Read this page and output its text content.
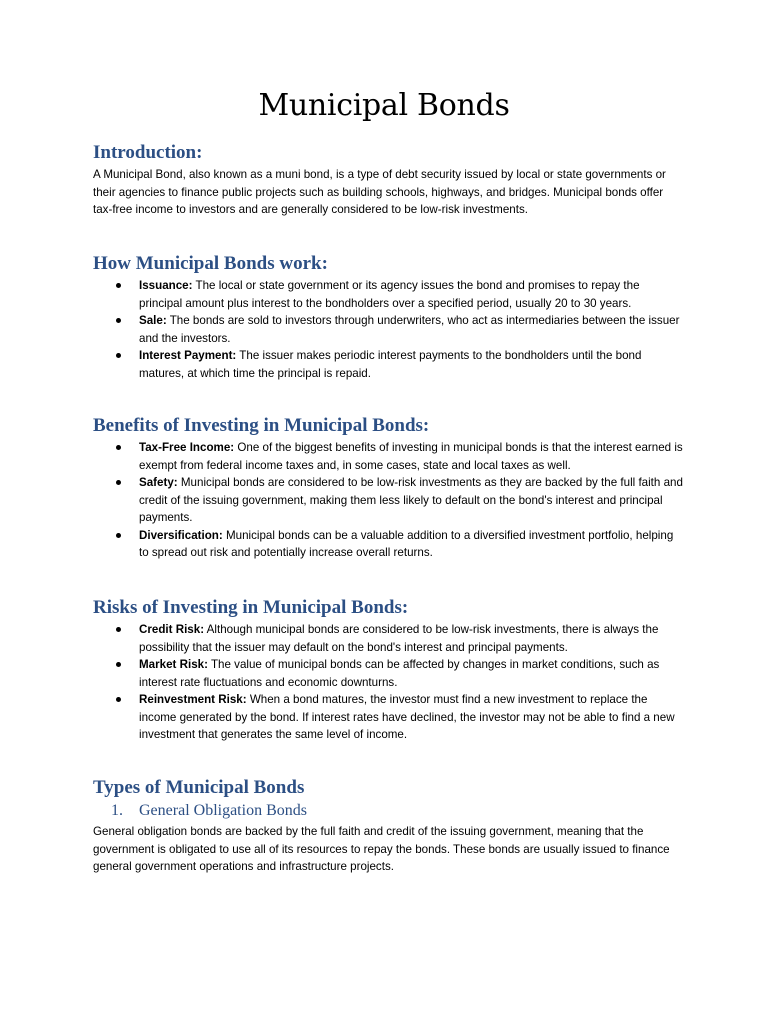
Municipal Bonds
Introduction:

A Municipal Bond, also known as a muni bond, is a type of debt security issued by local or state governments or their agencies to finance public projects such as building schools, highways, and bridges. Municipal bonds offer tax-free income to investors and are generally considered to be low-risk investments.

How Municipal Bonds work:
Issuance: The local or state government or its agency issues the bond and promises to repay the principal amount plus interest to the bondholders over a specified period, usually 20 to 30 years.
Sale: The bonds are sold to investors through underwriters, who act as intermediaries between the issuer and the investors.
Interest Payment: The issuer makes periodic interest payments to the bondholders until the bond matures, at which time the principal is repaid.
Benefits of Investing in Municipal Bonds:
Tax-Free Income: One of the biggest benefits of investing in municipal bonds is that the interest earned is exempt from federal income taxes and, in some cases, state and local taxes as well.
Safety: Municipal bonds are considered to be low-risk investments as they are backed by the full faith and credit of the issuing government, making them less likely to default on the bond's interest and principal payments.
Diversification: Municipal bonds can be a valuable addition to a diversified investment portfolio, helping to spread out risk and potentially increase overall returns.
Risks of Investing in Municipal Bonds:
Credit Risk: Although municipal bonds are considered to be low-risk investments, there is always the possibility that the issuer may default on the bond's interest and principal payments.
Market Risk: The value of municipal bonds can be affected by changes in market conditions, such as interest rate fluctuations and economic downturns.
Reinvestment Risk: When a bond matures, the investor must find a new investment to replace the income generated by the bond. If interest rates have declined, the investor may not be able to find a new investment that generates the same level of income.
Types of Municipal Bonds
1. General Obligation Bonds

General obligation bonds are backed by the full faith and credit of the issuing government, meaning that the government is obligated to use all of its resources to repay the bonds. These bonds are usually issued to finance general government operations and infrastructure projects.
